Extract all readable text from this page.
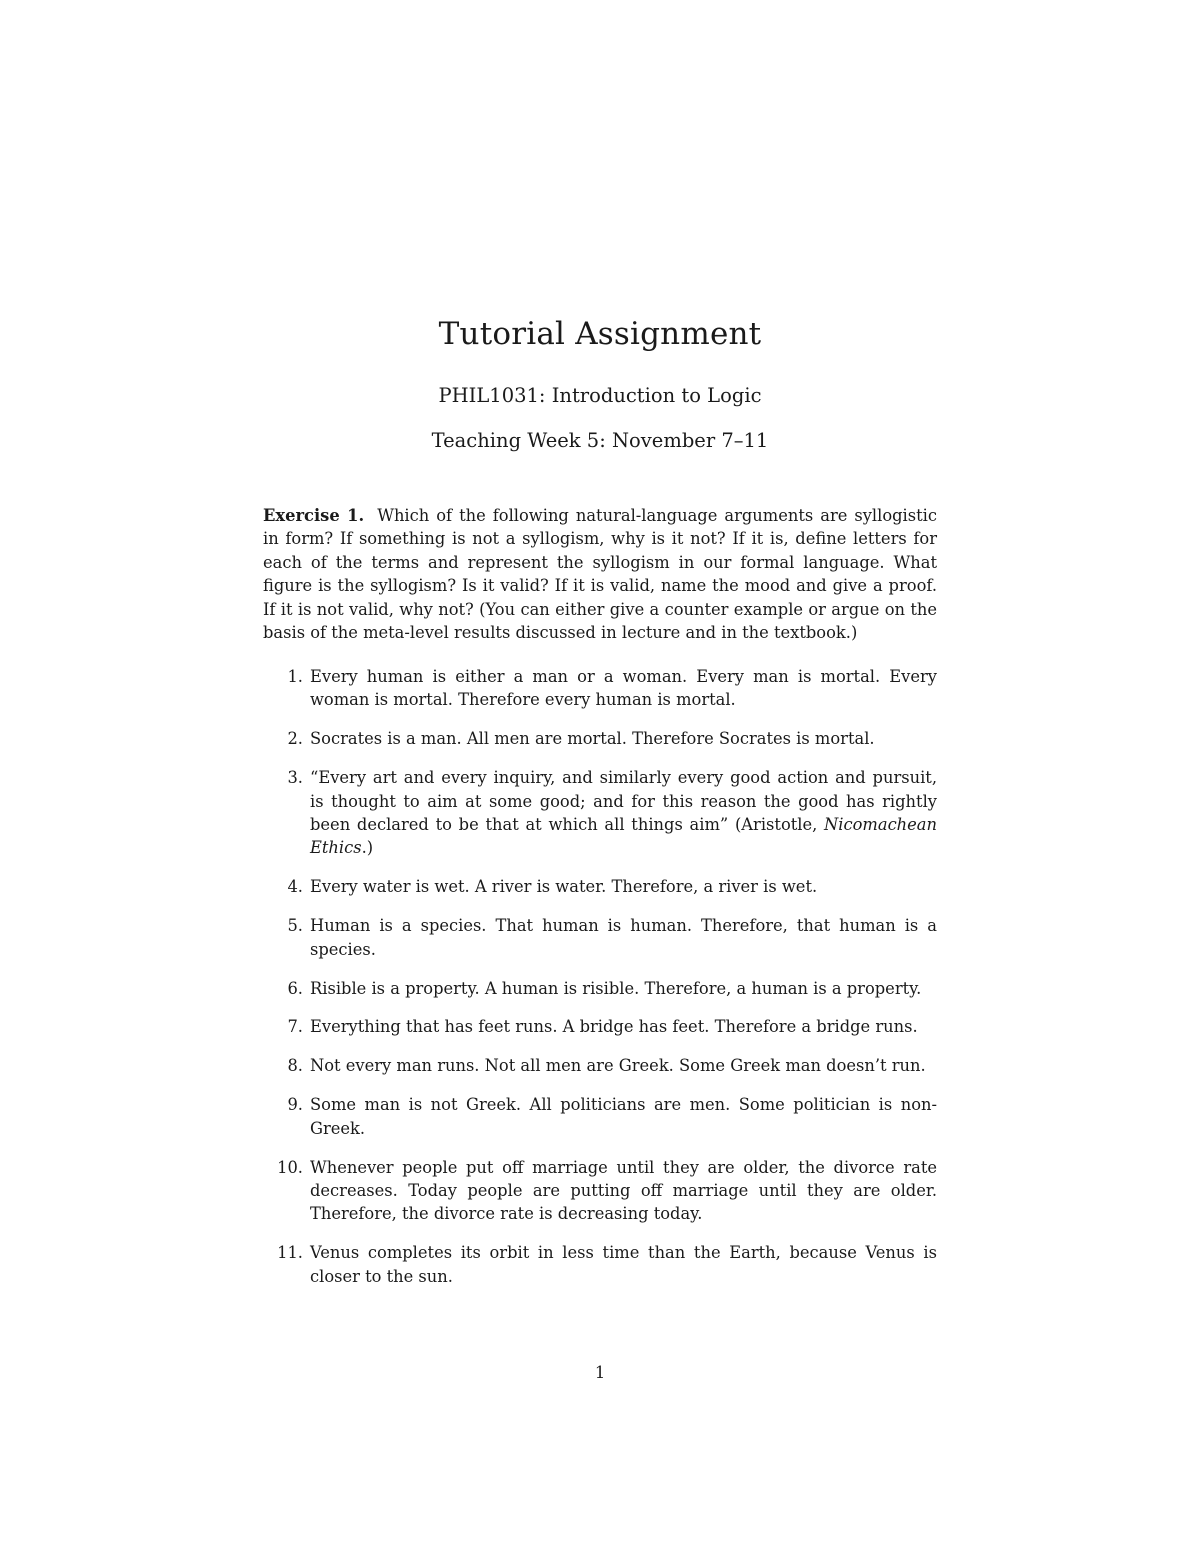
Tutorial Assignment
PHIL1031: Introduction to Logic
Teaching Week 5: November 7–11
Exercise 1. Which of the following natural-language arguments are syllogistic in form? If something is not a syllogism, why is it not? If it is, define letters for each of the terms and represent the syllogism in our formal language. What figure is the syllogism? Is it valid? If it is valid, name the mood and give a proof. If it is not valid, why not? (You can either give a counter example or argue on the basis of the meta-level results discussed in lecture and in the textbook.)
1. Every human is either a man or a woman. Every man is mortal. Every woman is mortal. Therefore every human is mortal.
2. Socrates is a man. All men are mortal. Therefore Socrates is mortal.
3. “Every art and every inquiry, and similarly every good action and pursuit, is thought to aim at some good; and for this reason the good has rightly been declared to be that at which all things aim” (Aristotle, Nicomachean Ethics.)
4. Every water is wet. A river is water. Therefore, a river is wet.
5. Human is a species. That human is human. Therefore, that human is a species.
6. Risible is a property. A human is risible. Therefore, a human is a property.
7. Everything that has feet runs. A bridge has feet. Therefore a bridge runs.
8. Not every man runs. Not all men are Greek. Some Greek man doesn’t run.
9. Some man is not Greek. All politicians are men. Some politician is non-Greek.
10. Whenever people put off marriage until they are older, the divorce rate decreases. Today people are putting off marriage until they are older. Therefore, the divorce rate is decreasing today.
11. Venus completes its orbit in less time than the Earth, because Venus is closer to the sun.
1
